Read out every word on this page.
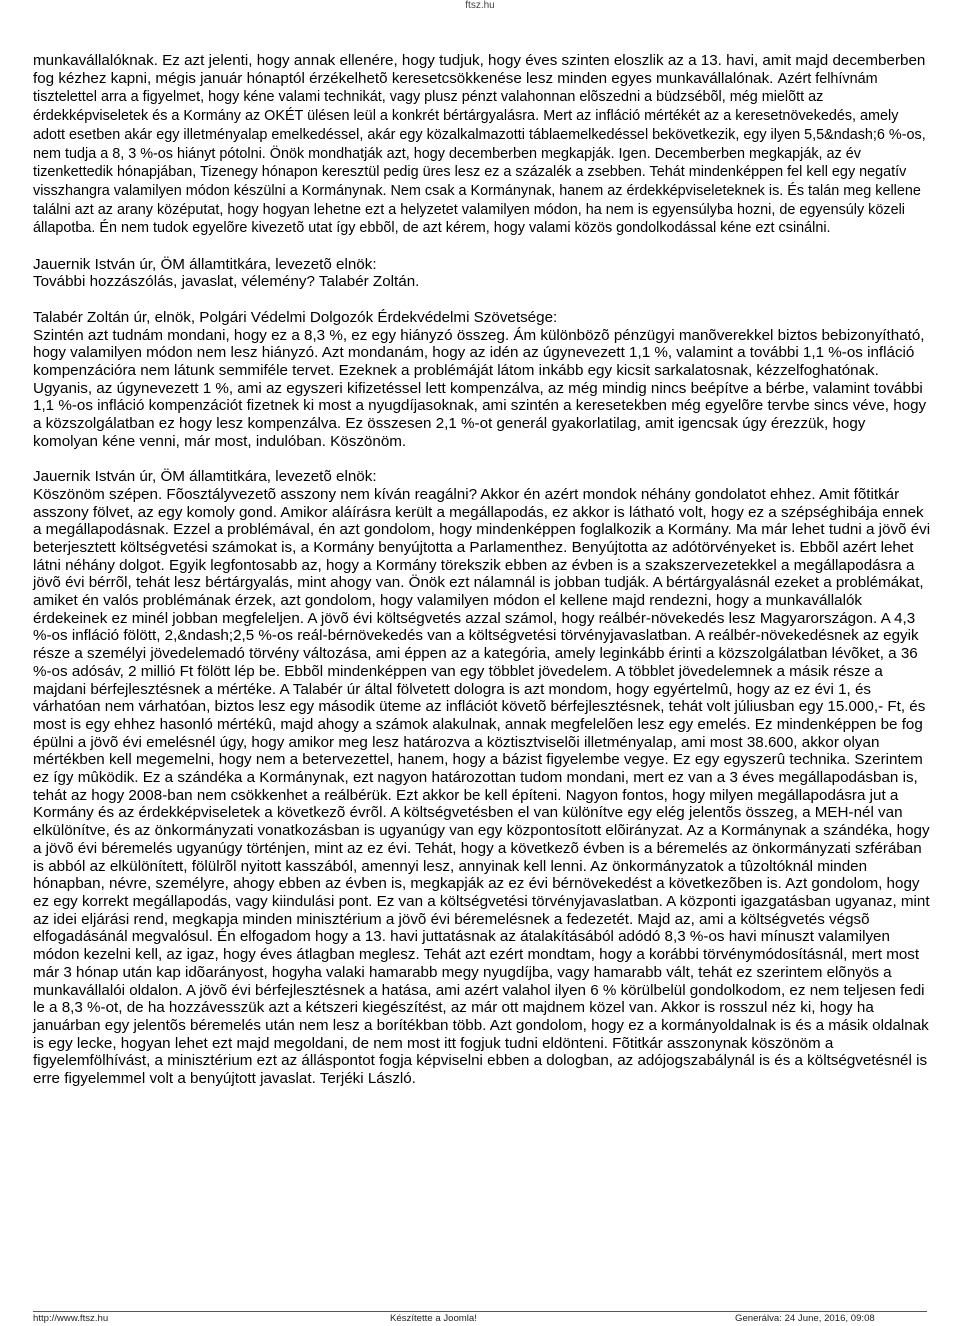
ftsz.hu

munkavállalóknak. Ez azt jelenti, hogy annak ellenére, hogy tudjuk, hogy éves szinten eloszlik az a 13. havi, amit majd decemberben fog kézhez kapni, mégis január hónaptól érzékelhetõ keresetcsökkenése lesz minden egyes munkavállalónak. Azért felhívnám tisztelettel arra a figyelmet, hogy kéne valami technikát, vagy plusz pénzt valahonnan elõszedni a büdzsébõl, még mielõtt az érdekképviseletek és a Kormány az OKÉT ülésen leül a konkrét bértárgyalásra. Mert az infláció mértékét az a keresetnövekedés, amely adott esetben akár egy illetményalap emelkedéssel, akár egy közalkalmazotti táblaemelkedéssel bekövetkezik, egy ilyen 5,5&ndash;6 %-os, nem tudja a 8, 3 %-os hiányt pótolni. Önök mondhatják azt, hogy decemberben megkapják. Igen. Decemberben megkapják, az év tizenkettedik hónapjában, Tizenegy hónapon keresztül pedig üres lesz ez a százalék a zsebben. Tehát mindenképpen fel kell egy negatív visszhangra valamilyen módon készülni a Kormánynak. Nem csak a Kormánynak, hanem az érdekképviseleteknek is. És talán meg kellene találni azt az arany középutat, hogy hogyan lehetne ezt a helyzetet valamilyen módon, ha nem is egyensúlyba hozni, de egyensúly közeli állapotba. Én nem tudok egyelõre kivezetõ utat így ebbõl, de azt kérem, hogy valami közös gondolkodással kéne ezt csinálni.

Jauernik István úr, ÖM államtitkára, levezetõ elnök:

További hozzászólás, javaslat, vélemény? Talabér Zoltán.

Talabér Zoltán úr, elnök, Polgári Védelmi Dolgozók Érdekvédelmi Szövetsége:

Szintén azt tudnám mondani, hogy ez a 8,3 %, ez egy hiányzó összeg. Ám különbözõ pénzügyi manõverekkel biztos bebizonyítható, hogy valamilyen módon nem lesz hiányzó. Azt mondanám, hogy az idén az úgynevezett 1,1 %, valamint a további 1,1 %-os infláció kompenzációra nem látunk semmiféle tervet. Ezeknek a problémáját látom inkább egy kicsit sarkalatosnak, kézzelfoghatónak. Ugyanis, az úgynevezett 1 %, ami az egyszeri kifizetéssel lett kompenzálva, az még mindig nincs beépítve a bérbe, valamint további 1,1 %-os infláció kompenzációt fizetnek ki most a nyugdíjasoknak, ami szintén a keresetekben még egyelõre tervbe sincs véve, hogy a közszolgálatban ez hogy lesz kompenzálva. Ez összesen 2,1 %-ot generál gyakorlatilag, amit igencsak úgy érezzük, hogy komolyan kéne venni, már most, indulóban. Köszönöm.

Jauernik István úr, ÖM államtitkára, levezetõ elnök:

Köszönöm szépen. Fõosztályvezetõ asszony nem kíván reagálni? Akkor én azért mondok néhány gondolatot ehhez. Amit fõtitkár asszony fölvet, az egy komoly gond. Amikor aláírásra került a megállapodás, ez akkor is látható volt, hogy ez a szépséghibája ennek a megállapodásnak. Ezzel a problémával, én azt gondolom, hogy mindenképpen foglalkozik a Kormány. Ma már lehet tudni a jövõ évi beterjesztett költségvetési számokat is, a Kormány benyújtotta a Parlamenthez. Benyújtotta az adótörvényeket is. Ebbõl azért lehet látni néhány dolgot. Egyik legfontosabb az, hogy a Kormány törekszik ebben az évben is a szakszervezetekkel a megállapodásra a jövõ évi bérrõl, tehát lesz bértárgyalás, mint ahogy van. Önök ezt nálamnál is jobban tudják. A bértárgyalásnál ezeket a problémákat, amiket én valós problémának érzek, azt gondolom, hogy valamilyen módon el kellene majd rendezni, hogy a munkavállalók érdekeinek ez minél jobban megfeleljen. A jövõ évi költségvetés azzal számol, hogy reálbér-növekedés lesz Magyarországon. A 4,3 %-os infláció fölött, 2,&ndash;2,5 %-os reál-bérnövekedés van a költségvetési törvényjavaslatban. A reálbér-növekedésnek az egyik része a személyi jövedelemadó törvény változása, ami éppen az a kategória, amely leginkább érinti a közszolgálatban lévõket, a 36 %-os adósáv, 2 millió Ft fölött lép be. Ebbõl mindenképpen van egy többlet jövedelem. A többlet jövedelemnek a másik része a majdani bérfejlesztésnek a mértéke. A Talabér úr által fölvetett dologra is azt mondom, hogy egyértelmû, hogy az ez évi 1, és várhatóan nem várhatóan, biztos lesz egy második üteme az inflációt követõ bérfejlesztésnek, tehát volt júliusban egy 15.000,- Ft, és most is egy ehhez hasonló mértékû, majd ahogy a számok alakulnak, annak megfelelõen lesz egy emelés. Ez mindenképpen be fog épülni a jövõ évi emelésnél úgy, hogy amikor meg lesz határozva a köztisztviselõi illetményalap, ami most 38.600, akkor olyan mértékben kell megemelni, hogy nem a betervezettel, hanem, hogy a bázist figyelembe vegye. Ez egy egyszerû technika. Szerintem ez így mûködik. Ez a szándéka a Kormánynak, ezt nagyon határozottan tudom mondani, mert ez van a 3 éves megállapodásban is, tehát az hogy 2008-ban nem csökkenhet a reálbérük. Ezt akkor be kell építeni. Nagyon fontos, hogy milyen megállapodásra jut a Kormány és az érdekképviseletek a következõ évrõl. A költségvetésben el van különítve egy elég jelentõs összeg, a MEH-nél van elkülönítve, és az önkormányzati vonatkozásban is ugyanúgy van egy központosított elõirányzat. Az a Kormánynak a szándéka, hogy a jövõ évi béremelés ugyanúgy történjen, mint az ez évi. Tehát, hogy a következõ évben is a béremelés az önkormányzati szférában is abból az elkülönített, fölülrõl nyitott kasszából, amennyi lesz, annyinak kell lenni. Az önkormányzatok a tûzoltóknál minden hónapban, névre, személyre, ahogy ebben az évben is, megkapják az ez évi bérnövekedést a következõben is. Azt gondolom, hogy ez egy korrekt megállapodás, vagy kiindulási pont. Ez van a költségvetési törvényjavaslatban. A központi igazgatásban ugyanaz, mint az idei eljárási rend, megkapja minden minisztérium a jövõ évi béremelésnek a fedezetét. Majd az, ami a költségvetés végsõ elfogadásánál megvalósul. Én elfogadom hogy a 13. havi juttatásnak az átalakításából adódó 8,3 %-os havi mínuszt valamilyen módon kezelni kell, az igaz, hogy éves átlagban meglesz. Tehát azt ezért mondtam, hogy a korábbi törvénymódosításnál, mert most már 3 hónap után kap idõarányost, hogyha valaki hamarabb megy nyugdíjba, vagy hamarabb vált, tehát ez szerintem elõnyös a munkavállalói oldalon. A jövõ évi bérfejlesztésnek a hatása, ami azért valahol ilyen 6 % körülbelül gondolkodom, ez nem teljesen fedi le a 8,3 %-ot, de ha hozzávesszük azt a kétszeri kiegészítést, az már ott majdnem közel van. Akkor is rosszul néz ki, hogy ha januárban egy jelentõs béremelés után nem lesz a borítékban több. Azt gondolom, hogy ez a kormányoldalnak is és a másik oldalnak is egy lecke, hogyan lehet ezt majd megoldani, de nem most itt fogjuk tudni eldönteni. Fõtitkár asszonynak köszönöm a figyelemfölhívást, a minisztérium ezt az álláspontot fogja képviselni ebben a dologban, az adójogszabálynál is és a költségvetésnél is erre figyelemmel volt a benyújtott javaslat. Terjéki László.

http://www.ftsz.hu	Készítette a Joomla!	Generálva: 24 June, 2016, 09:08
